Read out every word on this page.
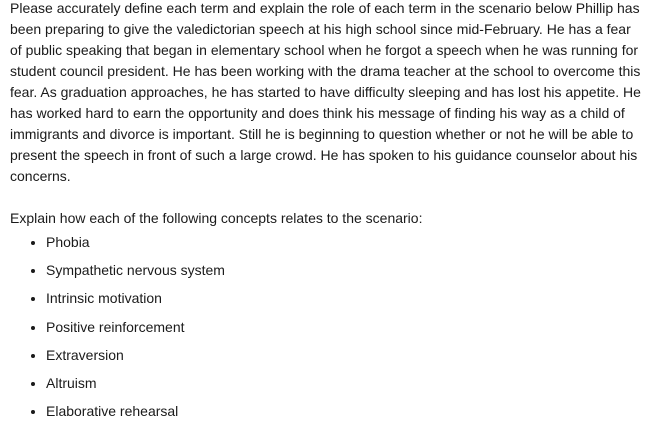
Please accurately define each term and explain the role of each term in the scenario below Phillip has been preparing to give the valedictorian speech at his high school since mid-February. He has a fear of public speaking that began in elementary school when he forgot a speech when he was running for student council president. He has been working with the drama teacher at the school to overcome this fear. As graduation approaches, he has started to have difficulty sleeping and has lost his appetite. He has worked hard to earn the opportunity and does think his message of finding his way as a child of immigrants and divorce is important. Still he is beginning to question whether or not he will be able to present the speech in front of such a large crowd. He has spoken to his guidance counselor about his concerns.

Explain how each of the following concepts relates to the scenario:

• Phobia
• Sympathetic nervous system
• Intrinsic motivation
• Positive reinforcement
• Extraversion
• Altruism
• Elaborative rehearsal
